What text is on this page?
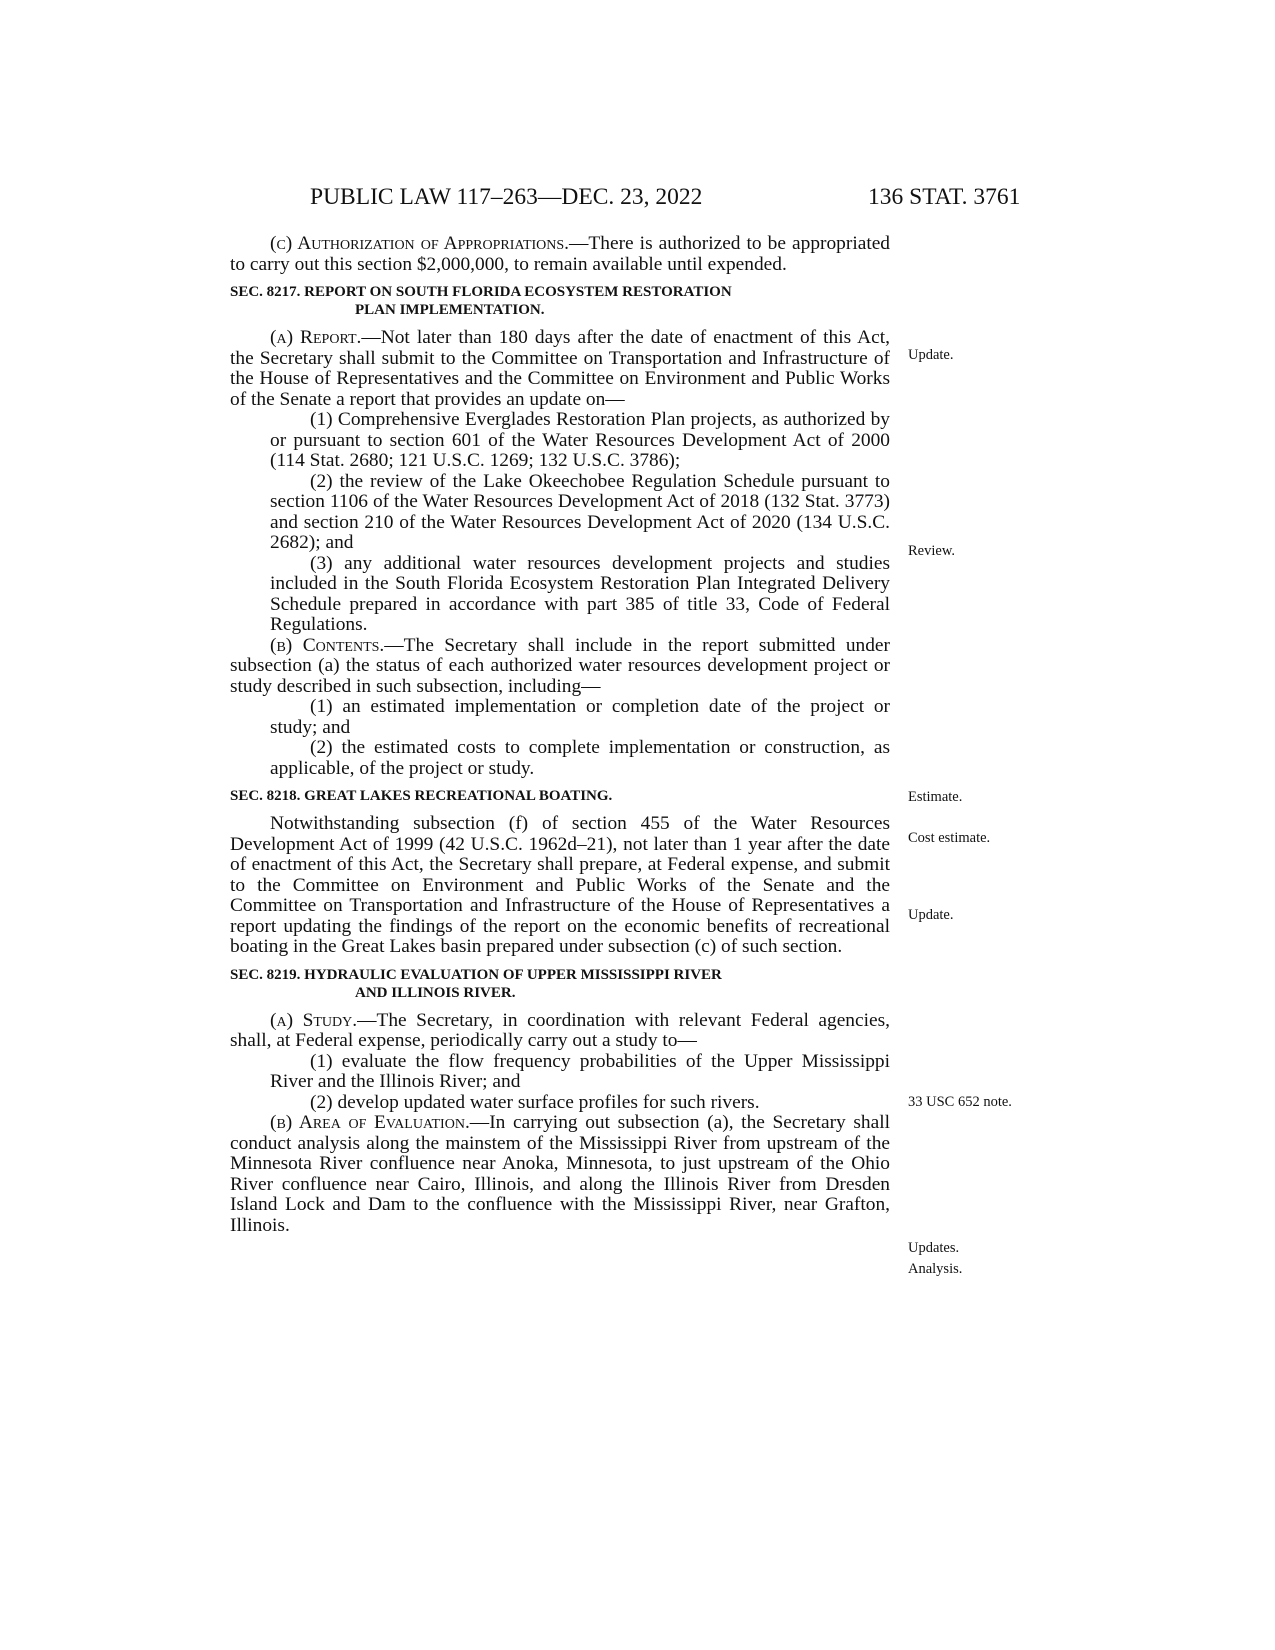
PUBLIC LAW 117–263—DEC. 23, 2022	136 STAT. 3761

(c) Authorization of Appropriations.—There is authorized to be appropriated to carry out this section $2,000,000, to remain available until expended.

SEC. 8217. REPORT ON SOUTH FLORIDA ECOSYSTEM RESTORATION
PLAN IMPLEMENTATION.

(a) Report.—Not later than 180 days after the date of enactment of this Act, the Secretary shall submit to the Committee on Transportation and Infrastructure of the House of Representatives and the Committee on Environment and Public Works of the Senate a report that provides an update on—

(1) Comprehensive Everglades Restoration Plan projects, as authorized by or pursuant to section 601 of the Water Resources Development Act of 2000 (114 Stat. 2680; 121 U.S.C. 1269; 132 U.S.C. 3786);

(2) the review of the Lake Okeechobee Regulation Schedule pursuant to section 1106 of the Water Resources Development Act of 2018 (132 Stat. 3773) and section 210 of the Water Resources Development Act of 2020 (134 U.S.C. 2682); and

(3) any additional water resources development projects and studies included in the South Florida Ecosystem Restoration Plan Integrated Delivery Schedule prepared in accordance with part 385 of title 33, Code of Federal Regulations.

(b) Contents.—The Secretary shall include in the report submitted under subsection (a) the status of each authorized water resources development project or study described in such subsection, including—

(1) an estimated implementation or completion date of the project or study; and

(2) the estimated costs to complete implementation or construction, as applicable, of the project or study.

SEC. 8218. GREAT LAKES RECREATIONAL BOATING.

Notwithstanding subsection (f) of section 455 of the Water Resources Development Act of 1999 (42 U.S.C. 1962d–21), not later than 1 year after the date of enactment of this Act, the Secretary shall prepare, at Federal expense, and submit to the Committee on Environment and Public Works of the Senate and the Committee on Transportation and Infrastructure of the House of Representatives a report updating the findings of the report on the economic benefits of recreational boating in the Great Lakes basin prepared under subsection (c) of such section.

SEC. 8219. HYDRAULIC EVALUATION OF UPPER MISSISSIPPI RIVER
AND ILLINOIS RIVER.

(a) Study.—The Secretary, in coordination with relevant Federal agencies, shall, at Federal expense, periodically carry out a study to—

(1) evaluate the flow frequency probabilities of the Upper Mississippi River and the Illinois River; and

(2) develop updated water surface profiles for such rivers.

(b) Area of Evaluation.—In carrying out subsection (a), the Secretary shall conduct analysis along the mainstem of the Mississippi River from upstream of the Minnesota River confluence near Anoka, Minnesota, to just upstream of the Ohio River confluence near Cairo, Illinois, and along the Illinois River from Dresden Island Lock and Dam to the confluence with the Mississippi River, near Grafton, Illinois.

Update.
Review.
Estimate.
Cost estimate.
Update.
33 USC 652 note.
Updates.
Analysis.
